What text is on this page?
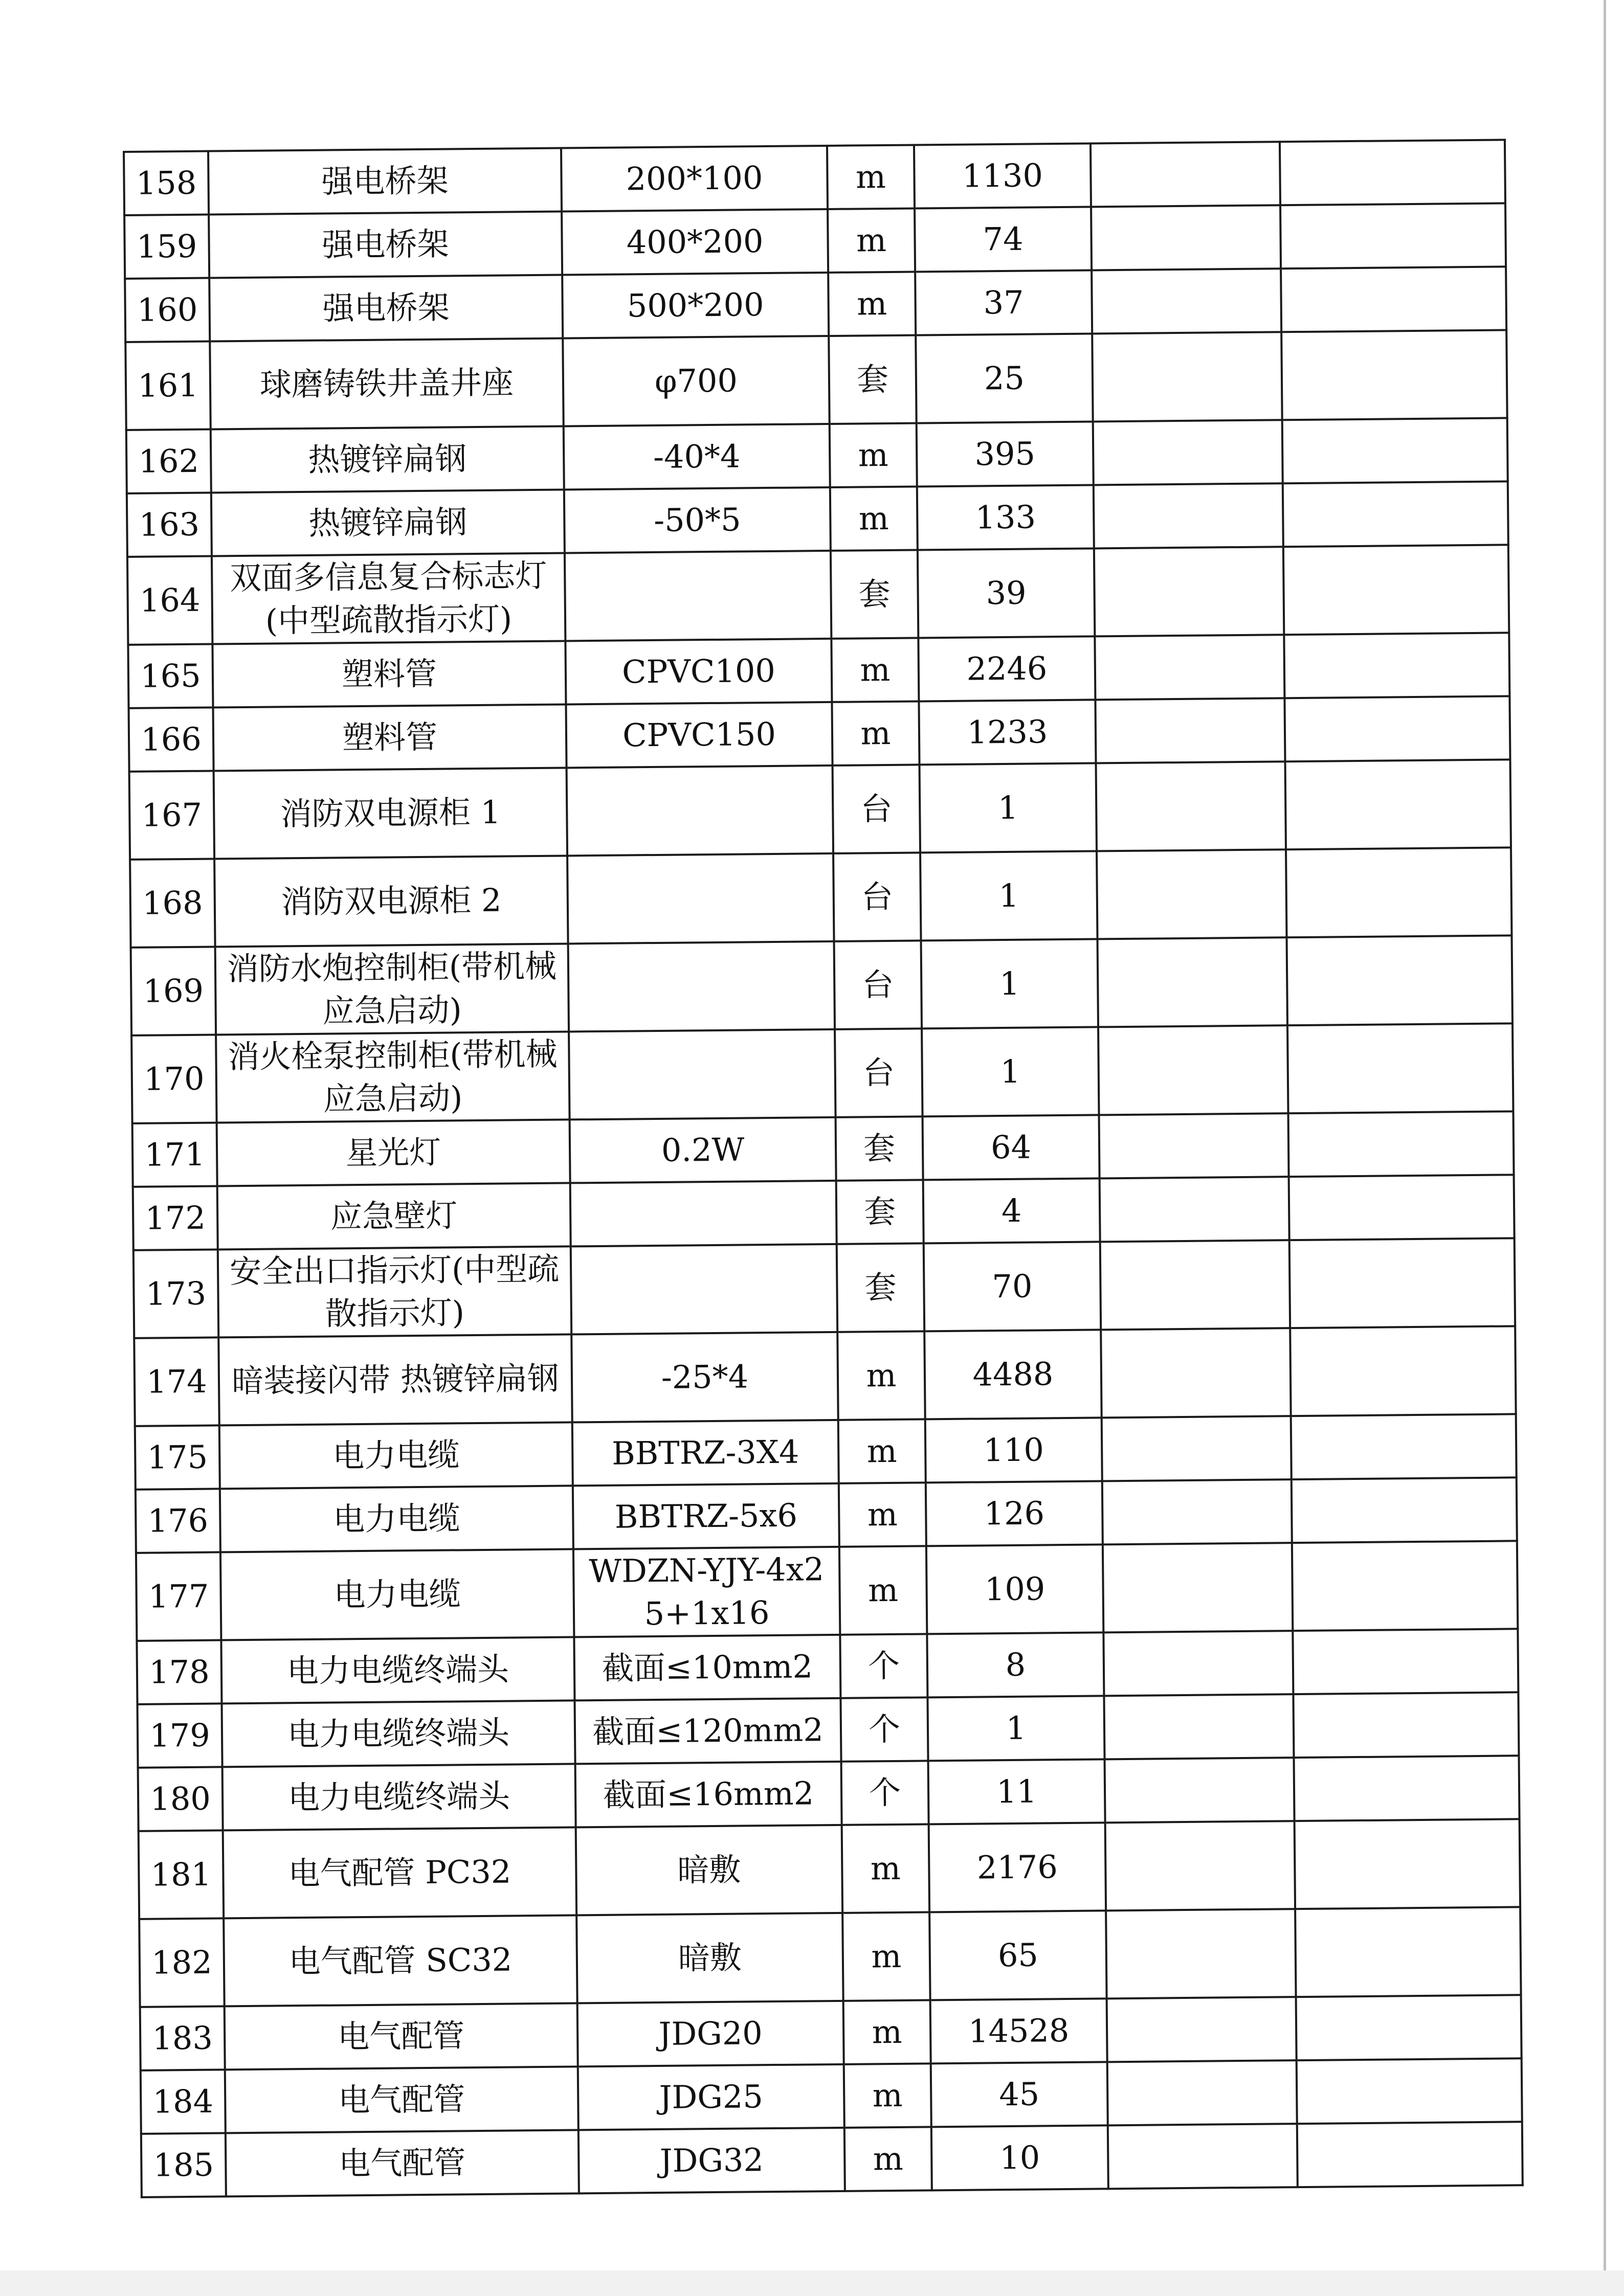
158	强电桥架	200*100	m	1130		
159	强电桥架	400*200	m	74		
160	强电桥架	500*200	m	37		
161	球磨铸铁井盖井座	φ700	套	25		
162	热镀锌扁钢	-40*4	m	395		
163	热镀锌扁钢	-50*5	m	133		
164	双面多信息复合标志灯(中型疏散指示灯)		套	39		
165	塑料管	CPVC100	m	2246		
166	塑料管	CPVC150	m	1233		
167	消防双电源柜 1		台	1		
168	消防双电源柜 2		台	1		
169	消防水炮控制柜(带机械应急启动)		台	1		
170	消火栓泵控制柜(带机械应急启动)		台	1		
171	星光灯	0.2W	套	64		
172	应急壁灯		套	4		
173	安全出口指示灯(中型疏散指示灯)		套	70		
174	暗装接闪带 热镀锌扁钢	-25*4	m	4488		
175	电力电缆	BBTRZ-3X4	m	110		
176	电力电缆	BBTRZ-5x6	m	126		
177	电力电缆	WDZN-YJY-4x25+1x16	m	109		
178	电力电缆终端头	截面≤10mm2	个	8		
179	电力电缆终端头	截面≤120mm2	个	1		
180	电力电缆终端头	截面≤16mm2	个	11		
181	电气配管 PC32	暗敷	m	2176		
182	电气配管 SC32	暗敷	m	65		
183	电气配管	JDG20	m	14528		
184	电气配管	JDG25	m	45		
185	电气配管	JDG32	m	10		
